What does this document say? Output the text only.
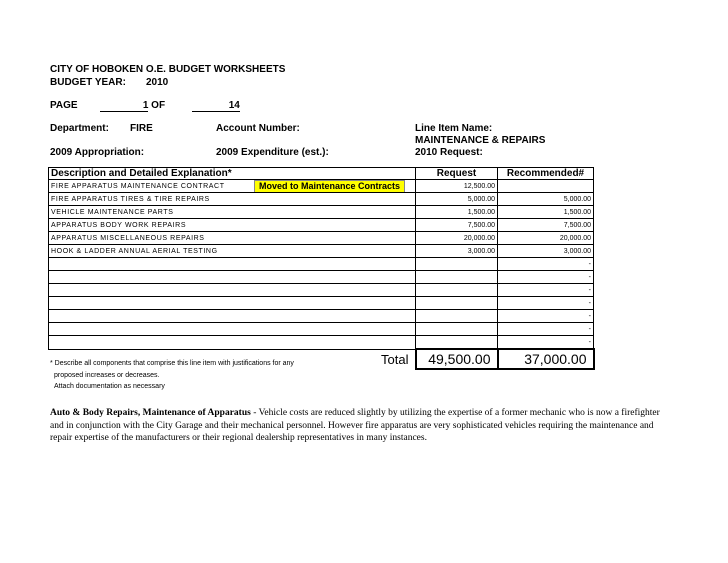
CITY OF HOBOKEN O.E. BUDGET WORKSHEETS
BUDGET YEAR: 2010
PAGE	1 OF	14
Department: FIRE	Account Number:	Line Item Name:
MAINTENANCE & REPAIRS
2009 Appropriation:	2009 Expenditure (est.):	2010 Request:
Description and Detailed Explanation*	Request	Recommended#
FIRE APPARATUS MAINTENANCE CONTRACT Moved to Maintenance Contracts	12,500.00	
FIRE APPARATUS TIRES & TIRE REPAIRS	5,000.00	5,000.00
VEHICLE MAINTENANCE PARTS	1,500.00	1,500.00
APPARATUS BODY WORK REPAIRS	7,500.00	7,500.00
APPARATUS MISCELLANEOUS REPAIRS	20,000.00	20,000.00
HOOK & LADDER ANNUAL AERIAL TESTING	3,000.00	3,000.00
		-
		-
		-
		-
		-
		-
		-
Total	49,500.00	37,000.00
* Describe all components that comprise this line item with justifications for any
proposed increases or decreases.
Attach documentation as necessary
Auto & Body Repairs, Maintenance of Apparatus - Vehicle costs are reduced slightly by utilizing the expertise of a former mechanic who is now a firefighter and in conjunction with the City Garage and their mechanical personnel. However fire apparatus are very sophisticated vehicles requiring the maintenance and repair expertise of the manufacturers or their regional dealership representatives in many instances.
